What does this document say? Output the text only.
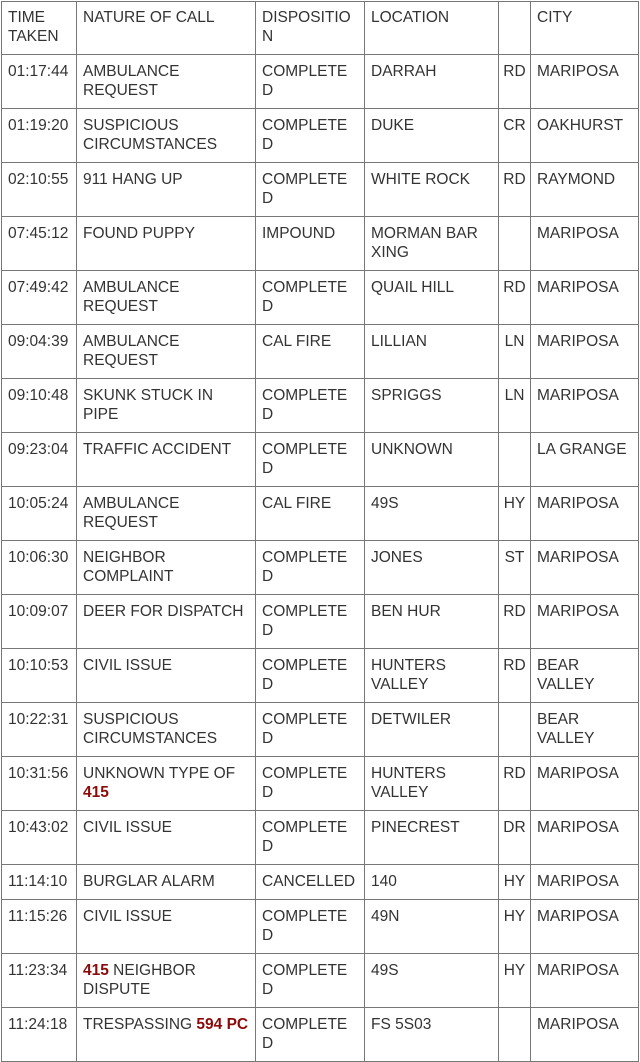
TIME TAKEN	NATURE OF CALL	DISPOSITION	LOCATION		CITY
01:17:44	AMBULANCE REQUEST	COMPLETED	DARRAH	RD	MARIPOSA
01:19:20	SUSPICIOUS CIRCUMSTANCES	COMPLETED	DUKE	CR	OAKHURST
02:10:55	911 HANG UP	COMPLETED	WHITE ROCK	RD	RAYMOND
07:45:12	FOUND PUPPY	IMPOUND	MORMAN BAR XING		MARIPOSA
07:49:42	AMBULANCE REQUEST	COMPLETED	QUAIL HILL	RD	MARIPOSA
09:04:39	AMBULANCE REQUEST	CAL FIRE	LILLIAN	LN	MARIPOSA
09:10:48	SKUNK STUCK IN PIPE	COMPLETED	SPRIGGS	LN	MARIPOSA
09:23:04	TRAFFIC ACCIDENT	COMPLETED	UNKNOWN		LA GRANGE
10:05:24	AMBULANCE REQUEST	CAL FIRE	49S	HY	MARIPOSA
10:06:30	NEIGHBOR COMPLAINT	COMPLETED	JONES	ST	MARIPOSA
10:09:07	DEER FOR DISPATCH	COMPLETED	BEN HUR	RD	MARIPOSA
10:10:53	CIVIL ISSUE	COMPLETED	HUNTERS VALLEY	RD	BEAR VALLEY
10:22:31	SUSPICIOUS CIRCUMSTANCES	COMPLETED	DETWILER		BEAR VALLEY
10:31:56	UNKNOWN TYPE OF 415	COMPLETED	HUNTERS VALLEY	RD	MARIPOSA
10:43:02	CIVIL ISSUE	COMPLETED	PINECREST	DR	MARIPOSA
11:14:10	BURGLAR ALARM	CANCELLED	140	HY	MARIPOSA
11:15:26	CIVIL ISSUE	COMPLETED	49N	HY	MARIPOSA
11:23:34	415 NEIGHBOR DISPUTE	COMPLETED	49S	HY	MARIPOSA
11:24:18	TRESPASSING 594 PC	COMPLETED	FS 5S03		MARIPOSA
